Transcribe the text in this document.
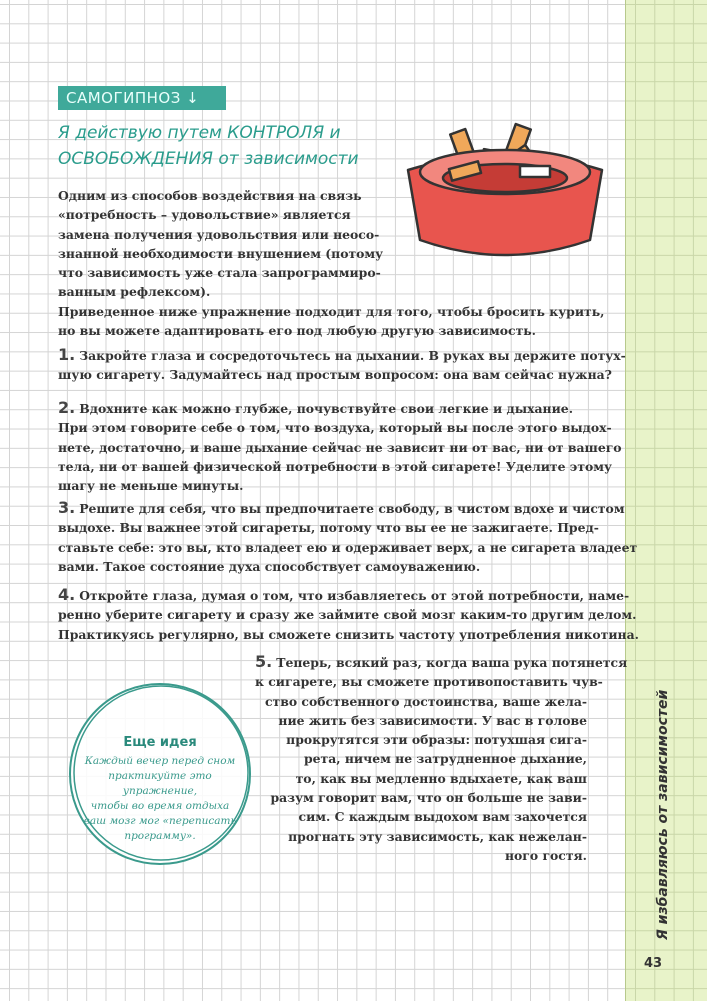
Я избавляюсь от зависимостей
43
САМОГИПНОЗ ↓
Я действую путем КОНТРОЛЯ и
ОСВОБОЖДЕНИЯ от зависимости
Одним из способов воздействия на связь
«потребность – удовольствие» является
замена получения удовольствия или неосо-
знанной необходимости внушением (потому
что зависимость уже стала запрограммиро-
ванным рефлексом).
Приведенное ниже упражнение подходит для того, чтобы бросить курить,
но вы можете адаптировать его под любую другую зависимость.
1. Закройте глаза и сосредоточьтесь на дыхании. В руках вы держите потух-
шую сигарету. Задумайтесь над простым вопросом: она вам сейчас нужна?
2. Вдохните как можно глубже, почувствуйте свои легкие и дыхание.
При этом говорите себе о том, что воздуха, который вы после этого выдох-
нете, достаточно, и ваше дыхание сейчас не зависит ни от вас, ни от вашего
тела, ни от вашей физической потребности в этой сигарете! Уделите этому
шагу не меньше минуты.
3. Решите для себя, что вы предпочитаете свободу, в чистом вдохе и чистом
выдохе. Вы важнее этой сигареты, потому что вы ее не зажигаете. Пред-
ставьте себе: это вы, кто владеет ею и одерживает верх, а не сигарета владеет
вами. Такое состояние духа способствует самоуважению.
4. Откройте глаза, думая о том, что избавляетесь от этой потребности, наме-
ренно уберите сигарету и сразу же займите свой мозг каким-то другим делом.
Практикуясь регулярно, вы сможете снизить частоту употребления никотина.
5. Теперь, всякий раз, когда ваша рука потянется
к сигарете, вы сможете противопоставить чув-
ство собственного достоинства, ваше жела-
ние жить без зависимости. У вас в голове
прокрутятся эти образы: потухшая сига-
рета, ничем не затрудненное дыхание,
то, как вы медленно вдыхаете, как ваш
разум говорит вам, что он больше не зави-
сим. С каждым выдохом вам захочется
прогнать эту зависимость, как нежелан-
ного гостя.
Еще идея
Каждый вечер перед сном
практикуйте это упражнение,
чтобы во время отдыха
ваш мозг мог «переписать
программу».
